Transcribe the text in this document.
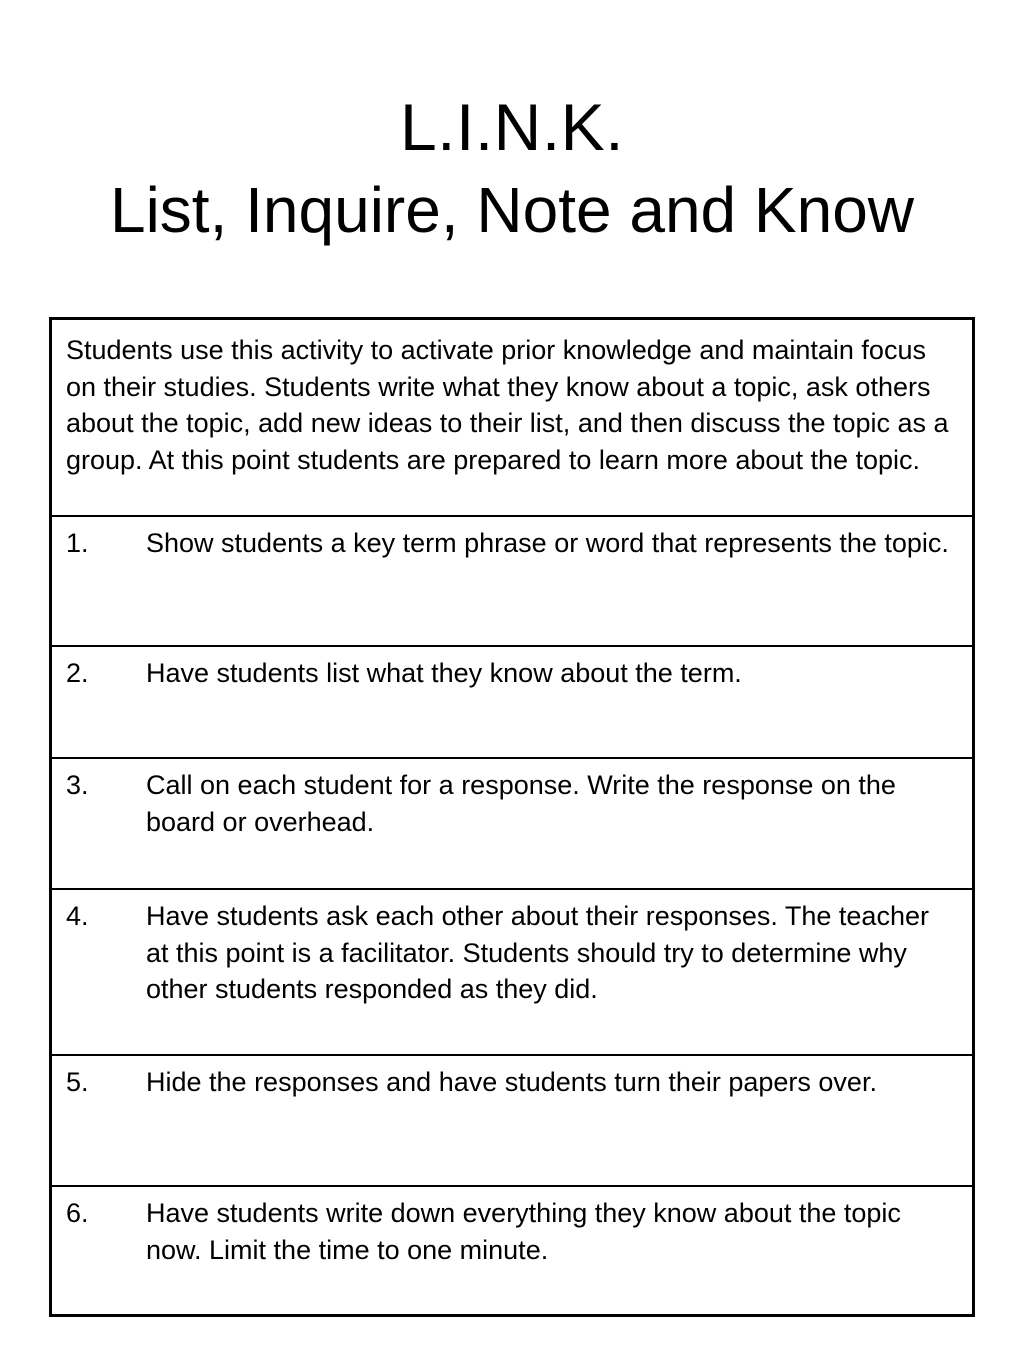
L.I.N.K.
List, Inquire, Note and Know
Students use this activity to activate prior knowledge and maintain focus on their studies. Students write what they know about a topic, ask others about the topic, add new ideas to their list, and then discuss the topic as a group. At this point students are prepared to learn more about the topic.
1.	Show students a key term phrase or word that represents the topic.
2.	Have students list what they know about the term.
3.	Call on each student for a response. Write the response on the board or overhead.
4.	Have students ask each other about their responses. The teacher at this point is a facilitator. Students should try to determine why other students responded as they did.
5.	Hide the responses and have students turn their papers over.
6.	Have students write down everything they know about the topic now. Limit the time to one minute.
